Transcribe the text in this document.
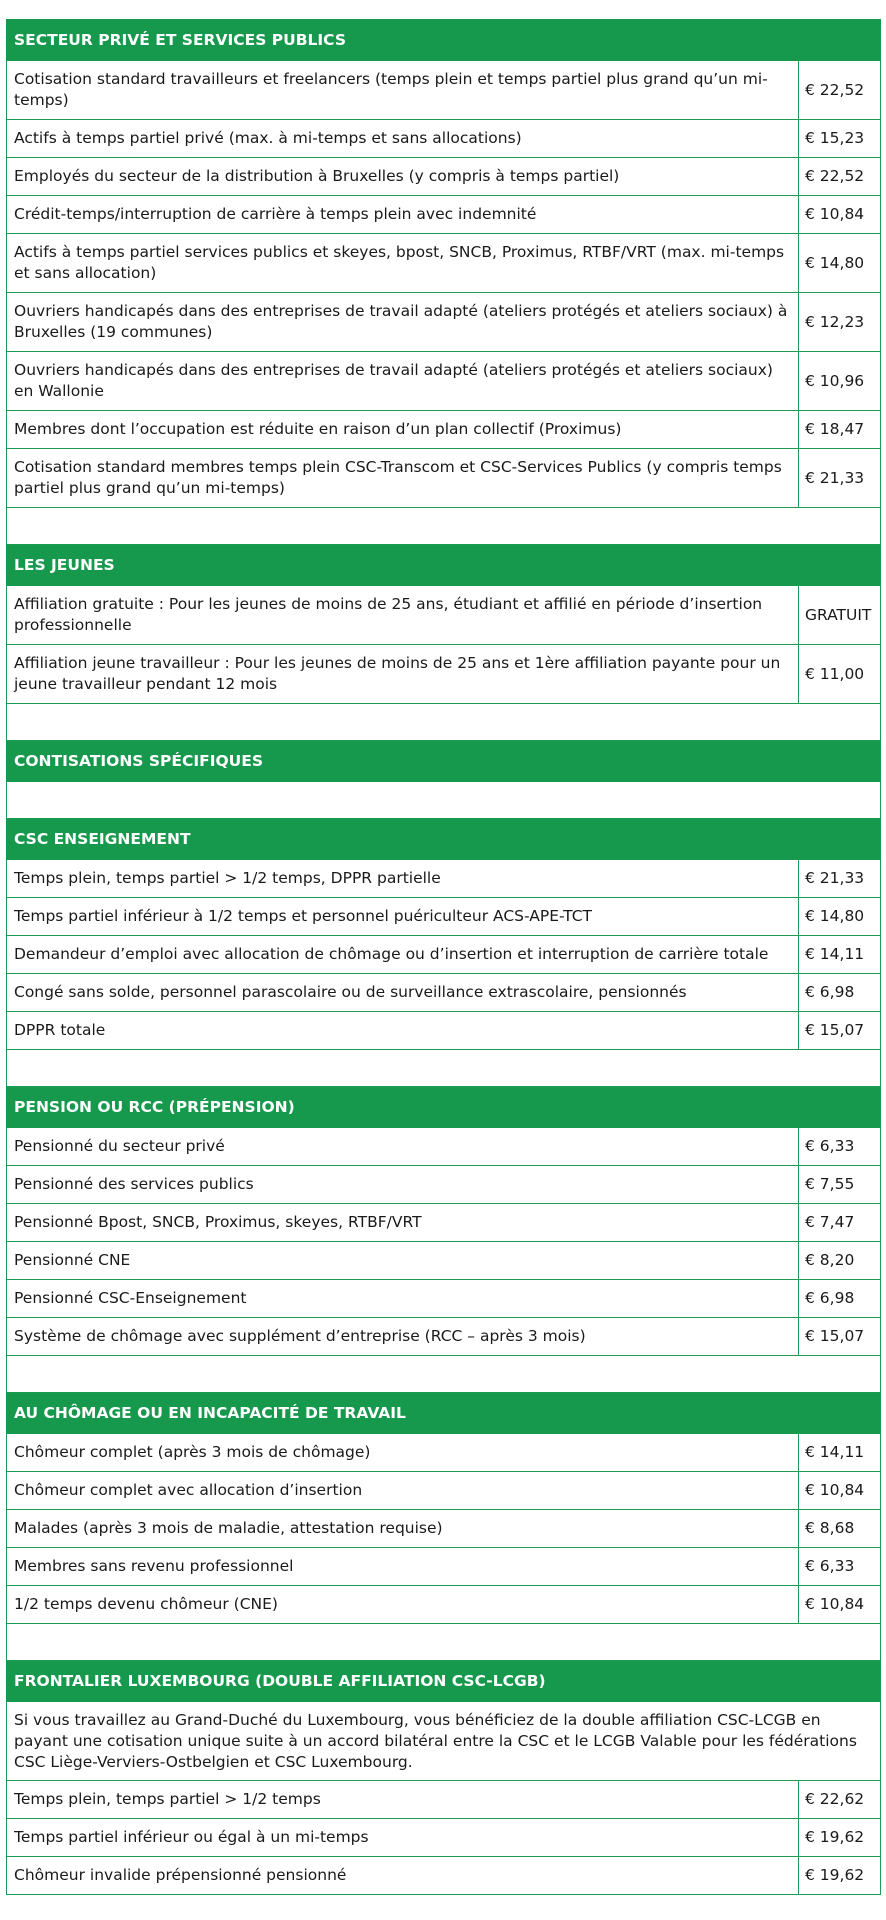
SECTEUR PRIVÉ ET SERVICES PUBLICS	
Cotisation standard travailleurs et freelancers (temps plein et temps partiel plus grand qu’un mi-temps)	€ 22,52
Actifs à temps partiel privé (max. à mi-temps et sans allocations)	€ 15,23
Employés du secteur de la distribution à Bruxelles (y compris à temps partiel)	€ 22,52
Crédit-temps/interruption de carrière à temps plein avec indemnité	€ 10,84
Actifs à temps partiel services publics et skeyes, bpost, SNCB, Proximus, RTBF/VRT (max. mi-temps et sans allocation)	€ 14,80
Ouvriers handicapés dans des entreprises de travail adapté (ateliers protégés et ateliers sociaux) à Bruxelles (19 communes)	€ 12,23
Ouvriers handicapés dans des entreprises de travail adapté (ateliers protégés et ateliers sociaux) en Wallonie	€ 10,96
Membres dont l’occupation est réduite en raison d’un plan collectif (Proximus)	€ 18,47
Cotisation standard membres temps plein CSC-Transcom et CSC-Services Publics (y compris temps partiel plus grand qu’un mi-temps)	€ 21,33

LES JEUNES	
Affiliation gratuite : Pour les jeunes de moins de 25 ans, étudiant et affilié en période d’insertion professionnelle	GRATUIT
Affiliation jeune travailleur : Pour les jeunes de moins de 25 ans et 1ère affiliation payante pour un jeune travailleur pendant 12 mois	€ 11,00

CONTISATIONS SPÉCIFIQUES	

CSC ENSEIGNEMENT	
Temps plein, temps partiel > 1/2 temps, DPPR partielle	€ 21,33
Temps partiel inférieur à 1/2 temps et personnel puériculteur ACS-APE-TCT	€ 14,80
Demandeur d’emploi avec allocation de chômage ou d’insertion et interruption de carrière totale	€ 14,11
Congé sans solde, personnel parascolaire ou de surveillance extrascolaire, pensionnés	€ 6,98
DPPR totale	€ 15,07

PENSION OU RCC (PRÉPENSION)	
Pensionné du secteur privé	€ 6,33
Pensionné des services publics	€ 7,55
Pensionné Bpost, SNCB, Proximus, skeyes, RTBF/VRT	€ 7,47
Pensionné CNE	€ 8,20
Pensionné CSC-Enseignement	€ 6,98
Système de chômage avec supplément d’entreprise (RCC – après 3 mois)	€ 15,07

AU CHÔMAGE OU EN INCAPACITÉ DE TRAVAIL	
Chômeur complet (après 3 mois de chômage)	€ 14,11
Chômeur complet avec allocation d’insertion	€ 10,84
Malades (après 3 mois de maladie, attestation requise)	€ 8,68
Membres sans revenu professionnel	€ 6,33
1/2 temps devenu chômeur (CNE)	€ 10,84

FRONTALIER LUXEMBOURG (DOUBLE AFFILIATION CSC-LCGB)	
Si vous travaillez au Grand-Duché du Luxembourg, vous bénéficiez de la double affiliation CSC-LCGB en payant une cotisation unique suite à un accord bilatéral entre la CSC et le LCGB Valable pour les fédérations CSC Liège-Verviers-Ostbelgien et CSC Luxembourg.	
Temps plein, temps partiel > 1/2 temps	€ 22,62
Temps partiel inférieur ou égal à un mi-temps	€ 19,62
Chômeur invalide prépensionné pensionné	€ 19,62
